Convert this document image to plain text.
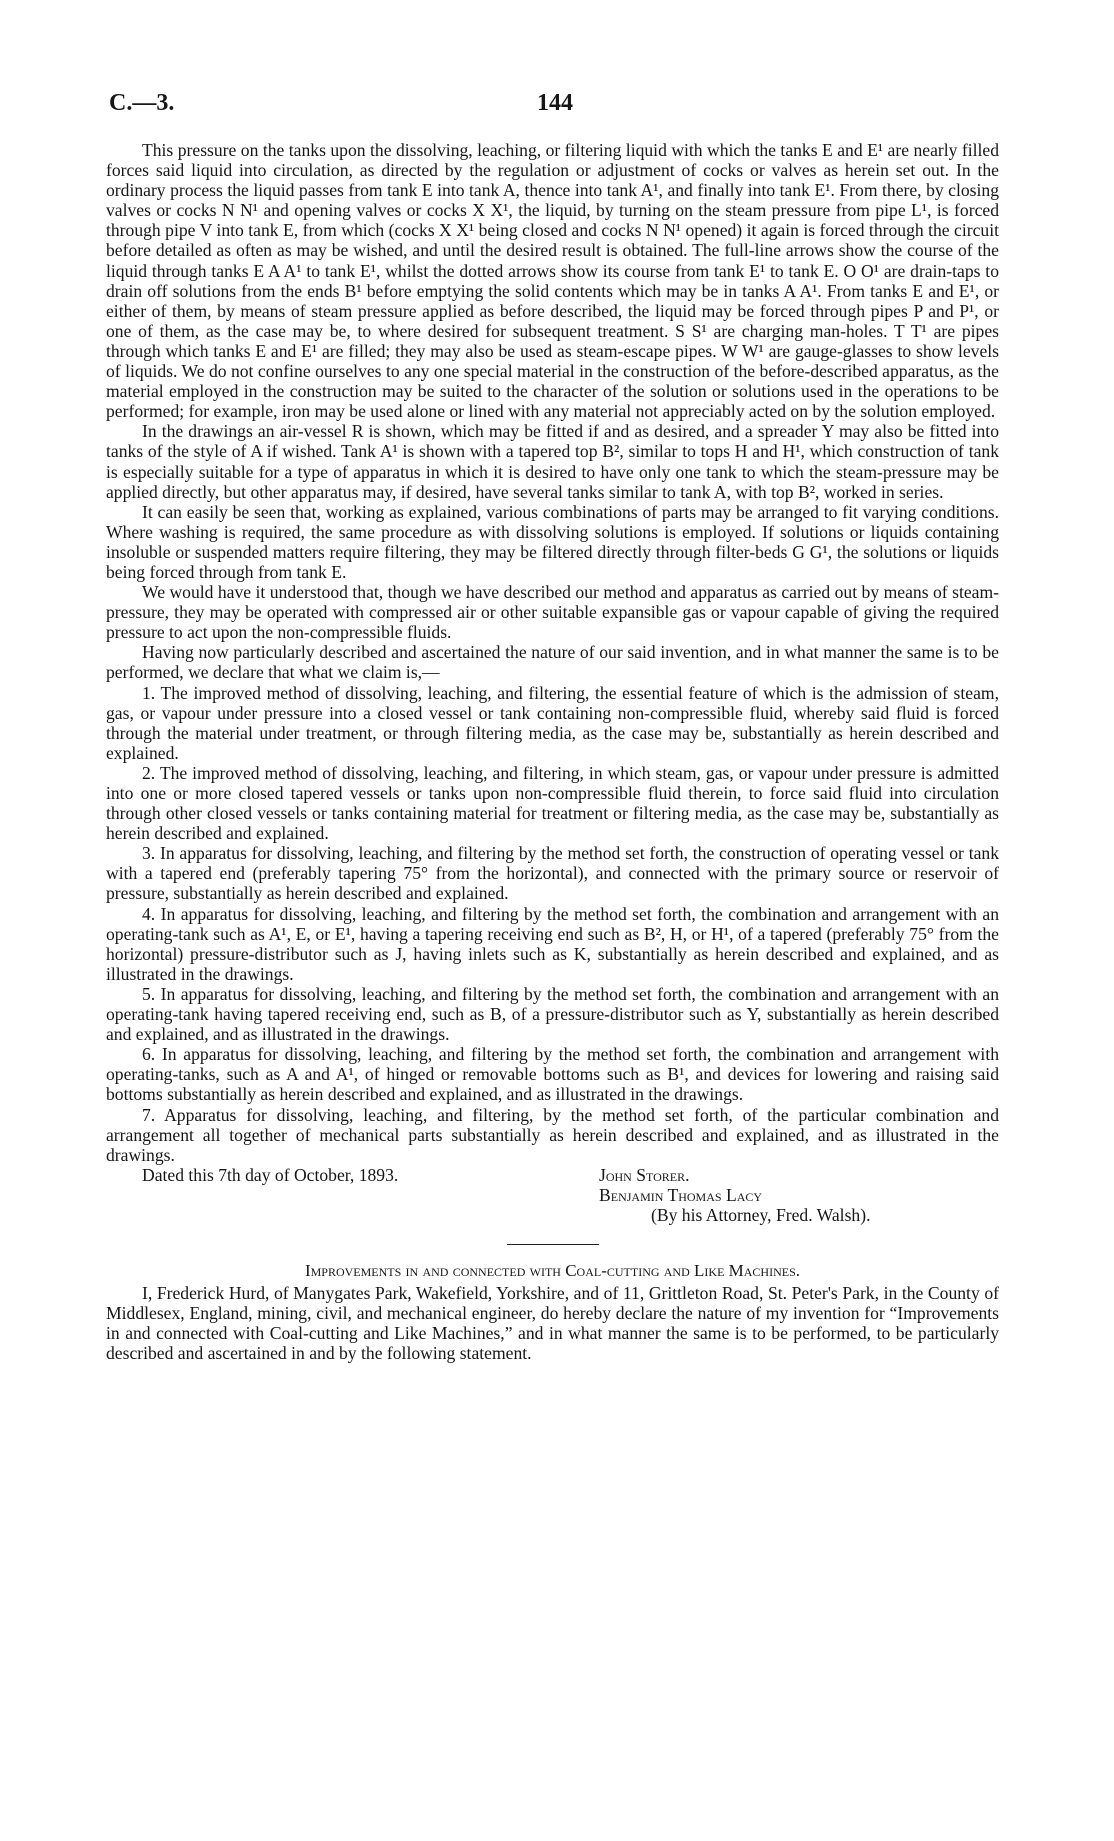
C.—3.	144

This pressure on the tanks upon the dissolving, leaching, or filtering liquid with which the tanks E and E¹ are nearly filled forces said liquid into circulation, as directed by the regulation or adjustment of cocks or valves as herein set out. In the ordinary process the liquid passes from tank E into tank A, thence into tank A¹, and finally into tank E¹. From there, by closing valves or cocks N N¹ and opening valves or cocks X X¹, the liquid, by turning on the steam pressure from pipe L¹, is forced through pipe V into tank E, from which (cocks X X¹ being closed and cocks N N¹ opened) it again is forced through the circuit before detailed as often as may be wished, and until the desired result is obtained. The full-line arrows show the course of the liquid through tanks E A A¹ to tank E¹, whilst the dotted arrows show its course from tank E¹ to tank E. O O¹ are drain-taps to drain off solutions from the ends B¹ before emptying the solid contents which may be in tanks A A¹. From tanks E and E¹, or either of them, by means of steam pressure applied as before described, the liquid may be forced through pipes P and P¹, or one of them, as the case may be, to where desired for subsequent treatment. S S¹ are charging man-holes. T T¹ are pipes through which tanks E and E¹ are filled; they may also be used as steam-escape pipes. W W¹ are gauge-glasses to show levels of liquids. We do not confine ourselves to any one special material in the construction of the before-described apparatus, as the material employed in the construction may be suited to the character of the solution or solutions used in the operations to be performed; for example, iron may be used alone or lined with any material not appreciably acted on by the solution employed.

In the drawings an air-vessel R is shown, which may be fitted if and as desired, and a spreader Y may also be fitted into tanks of the style of A if wished. Tank A¹ is shown with a tapered top B², similar to tops H and H¹, which construction of tank is especially suitable for a type of apparatus in which it is desired to have only one tank to which the steam-pressure may be applied directly, but other apparatus may, if desired, have several tanks similar to tank A, with top B², worked in series.

It can easily be seen that, working as explained, various combinations of parts may be arranged to fit varying conditions. Where washing is required, the same procedure as with dissolving solutions is employed. If solutions or liquids containing insoluble or suspended matters require filtering, they may be filtered directly through filter-beds G G¹, the solutions or liquids being forced through from tank E.

We would have it understood that, though we have described our method and apparatus as carried out by means of steam-pressure, they may be operated with compressed air or other suitable expansible gas or vapour capable of giving the required pressure to act upon the non-compressible fluids.

Having now particularly described and ascertained the nature of our said invention, and in what manner the same is to be performed, we declare that what we claim is,—

1. The improved method of dissolving, leaching, and filtering, the essential feature of which is the admission of steam, gas, or vapour under pressure into a closed vessel or tank containing non-compressible fluid, whereby said fluid is forced through the material under treatment, or through filtering media, as the case may be, substantially as herein described and explained.

2. The improved method of dissolving, leaching, and filtering, in which steam, gas, or vapour under pressure is admitted into one or more closed tapered vessels or tanks upon non-compressible fluid therein, to force said fluid into circulation through other closed vessels or tanks containing material for treatment or filtering media, as the case may be, substantially as herein described and explained.

3. In apparatus for dissolving, leaching, and filtering by the method set forth, the construction of operating vessel or tank with a tapered end (preferably tapering 75° from the horizontal), and connected with the primary source or reservoir of pressure, substantially as herein described and explained.

4. In apparatus for dissolving, leaching, and filtering by the method set forth, the combination and arrangement with an operating-tank such as A¹, E, or E¹, having a tapering receiving end such as B², H, or H¹, of a tapered (preferably 75° from the horizontal) pressure-distributor such as J, having inlets such as K, substantially as herein described and explained, and as illustrated in the drawings.

5. In apparatus for dissolving, leaching, and filtering by the method set forth, the combination and arrangement with an operating-tank having tapered receiving end, such as B, of a pressure-distributor such as Y, substantially as herein described and explained, and as illustrated in the drawings.

6. In apparatus for dissolving, leaching, and filtering by the method set forth, the combination and arrangement with operating-tanks, such as A and A¹, of hinged or removable bottoms such as B¹, and devices for lowering and raising said bottoms substantially as herein described and explained, and as illustrated in the drawings.

7. Apparatus for dissolving, leaching, and filtering, by the method set forth, of the particular combination and arrangement all together of mechanical parts substantially as herein described and explained, and as illustrated in the drawings.

Dated this 7th day of October, 1893.	John Storer.
Benjamin Thomas Lacy
(By his Attorney, Fred. Walsh).
Improvements in and connected with Coal-cutting and Like Machines.

I, Frederick Hurd, of Manygates Park, Wakefield, Yorkshire, and of 11, Grittleton Road, St. Peter's Park, in the County of Middlesex, England, mining, civil, and mechanical engineer, do hereby declare the nature of my invention for “Improvements in and connected with Coal-cutting and Like Machines,” and in what manner the same is to be performed, to be particularly described and ascertained in and by the following statement.
